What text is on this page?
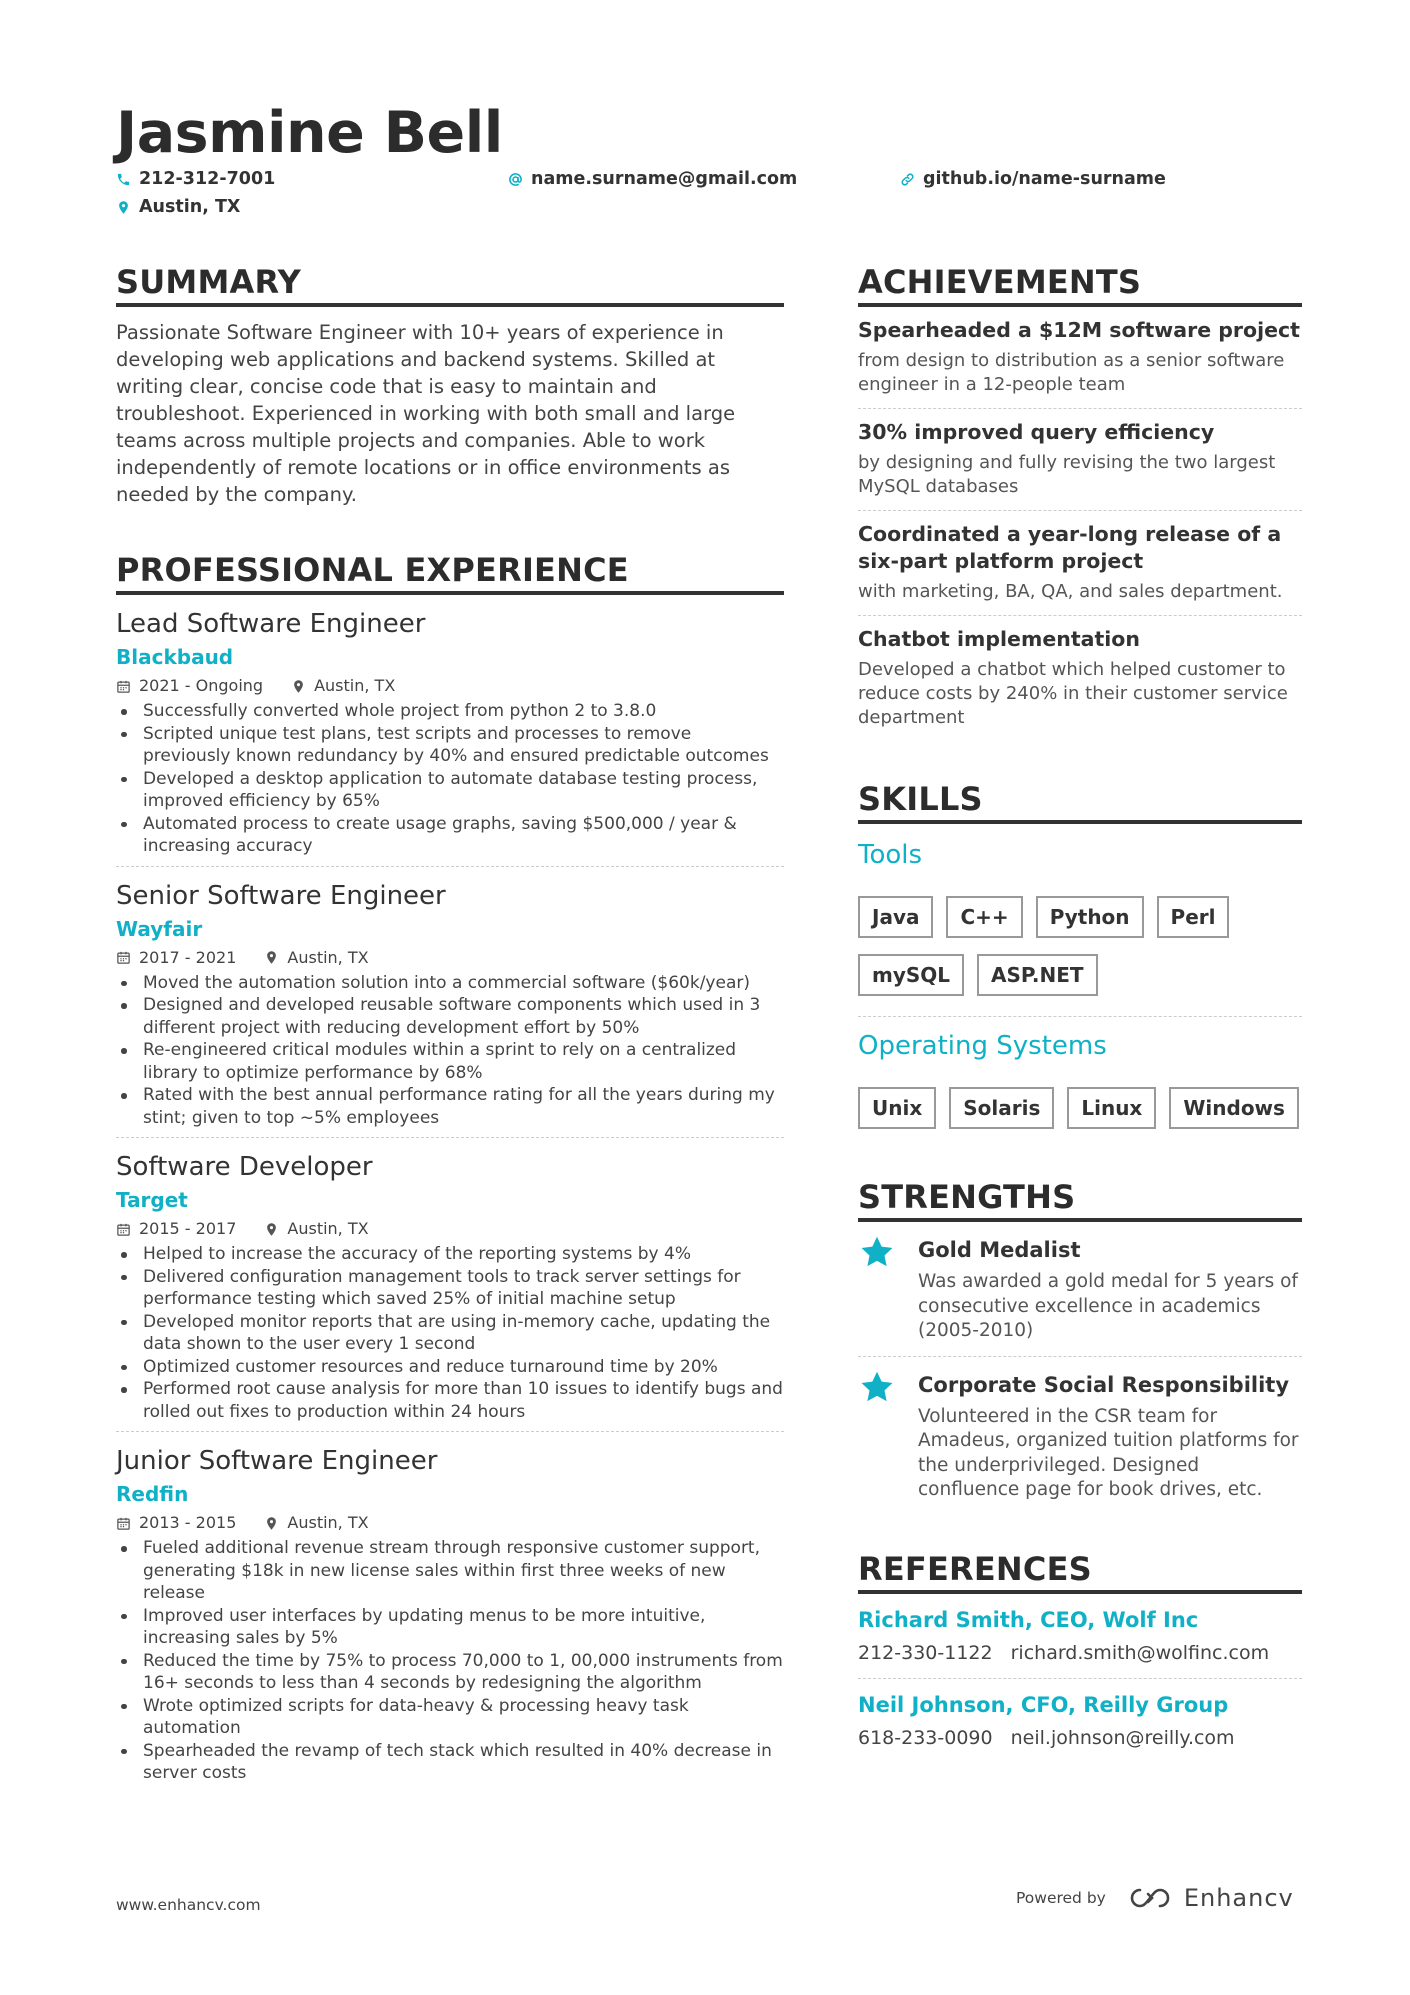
Jasmine Bell
212-312-7001	name.surname@gmail.com	github.io/name-surname
Austin, TX
SUMMARY
Passionate Software Engineer with 10+ years of experience in developing web applications and backend systems. Skilled at writing clear, concise code that is easy to maintain and troubleshoot. Experienced in working with both small and large teams across multiple projects and companies. Able to work independently of remote locations or in office environments as needed by the company.
PROFESSIONAL EXPERIENCE
Lead Software Engineer
Blackbaud
2021 - Ongoing	Austin, TX
Successfully converted whole project from python 2 to 3.8.0
Scripted unique test plans, test scripts and processes to remove previously known redundancy by 40% and ensured predictable outcomes
Developed a desktop application to automate database testing process, improved efficiency by 65%
Automated process to create usage graphs, saving $500,000 / year & increasing accuracy
Senior Software Engineer
Wayfair
2017 - 2021	Austin, TX
Moved the automation solution into a commercial software ($60k/year)
Designed and developed reusable software components which used in 3 different project with reducing development effort by 50%
Re-engineered critical modules within a sprint to rely on a centralized library to optimize performance by 68%
Rated with the best annual performance rating for all the years during my stint; given to top ~5% employees
Software Developer
Target
2015 - 2017	Austin, TX
Helped to increase the accuracy of the reporting systems by 4%
Delivered configuration management tools to track server settings for performance testing which saved 25% of initial machine setup
Developed monitor reports that are using in-memory cache, updating the data shown to the user every 1 second
Optimized customer resources and reduce turnaround time by 20%
Performed root cause analysis for more than 10 issues to identify bugs and rolled out fixes to production within 24 hours
Junior Software Engineer
Redfin
2013 - 2015	Austin, TX
Fueled additional revenue stream through responsive customer support, generating $18k in new license sales within first three weeks of new release
Improved user interfaces by updating menus to be more intuitive, increasing sales by 5%
Reduced the time by 75% to process 70,000 to 1, 00,000 instruments from 16+ seconds to less than 4 seconds by redesigning the algorithm
Wrote optimized scripts for data-heavy & processing heavy task automation
Spearheaded the revamp of tech stack which resulted in 40% decrease in server costs
ACHIEVEMENTS
Spearheaded a $12M software project
from design to distribution as a senior software engineer in a 12-people team
30% improved query efficiency
by designing and fully revising the two largest MySQL databases
Coordinated a year-long release of a six-part platform project
with marketing, BA, QA, and sales department.
Chatbot implementation
Developed a chatbot which helped customer to reduce costs by 240% in their customer service department
SKILLS
Tools
Java	C++	Python	Perl
mySQL	ASP.NET
Operating Systems
Unix	Solaris	Linux	Windows
STRENGTHS
Gold Medalist
Was awarded a gold medal for 5 years of consecutive excellence in academics (2005-2010)
Corporate Social Responsibility
Volunteered in the CSR team for Amadeus, organized tuition platforms for the underprivileged. Designed confluence page for book drives, etc.
REFERENCES
Richard Smith, CEO, Wolf Inc
212-330-1122 richard.smith@wolfinc.com
Neil Johnson, CFO, Reilly Group
618-233-0090 neil.johnson@reilly.com
www.enhancv.com	Powered by	Enhancv
